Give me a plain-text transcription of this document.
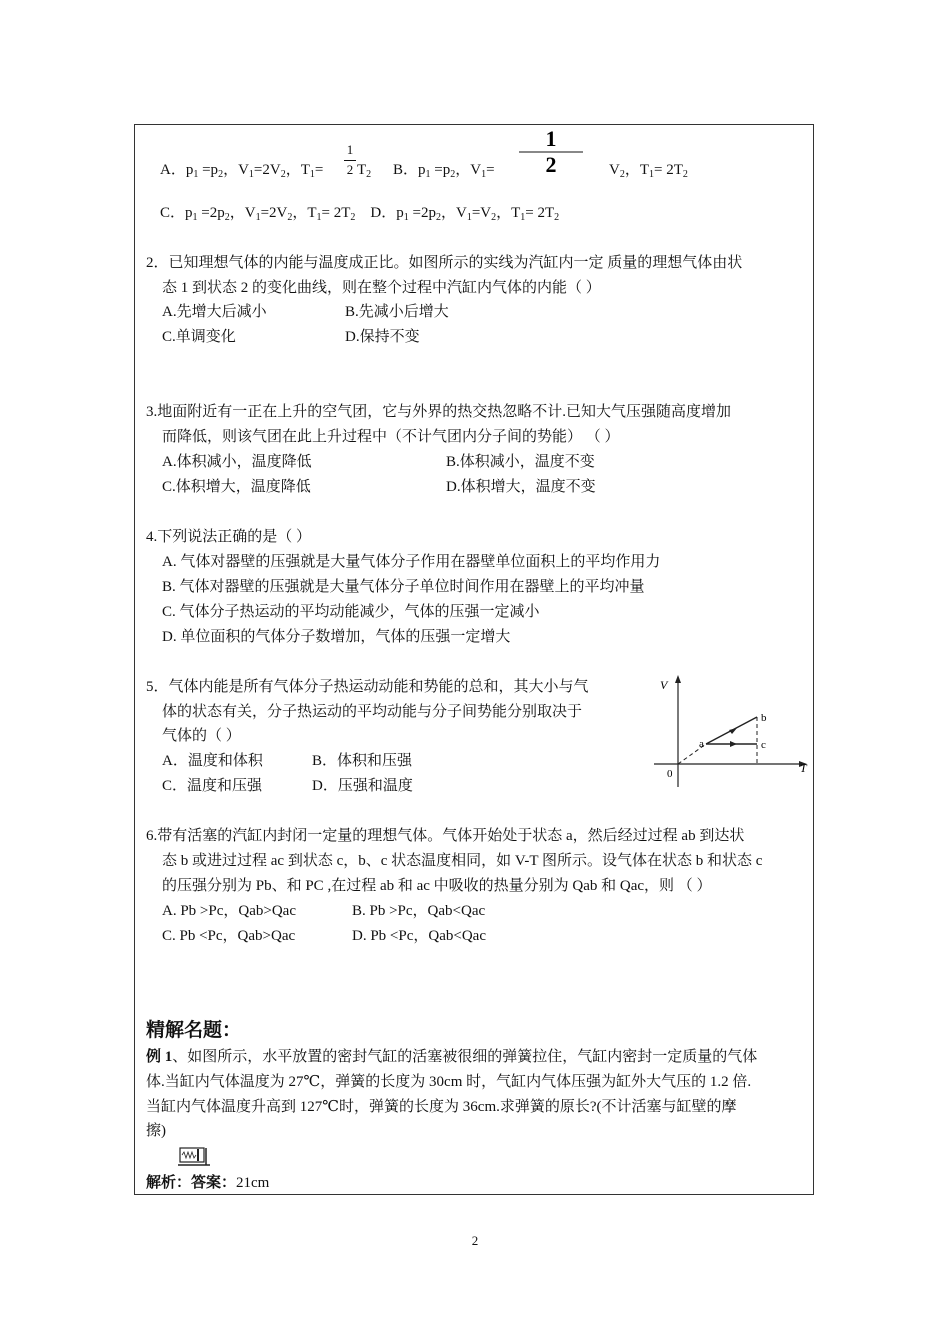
A．$p_1 =p_2$，$V_1=2V_2$，$T_1=$
1
2 $T_2$ B．$p_1 =p_2$，$V_1=$
1
2	$V_2$，$T_1= 2T_2$
C．$p_1 =2p_2$，$V_1=2V_2$，$T_1= 2T_2$ D．$p_1 =2p_2$，$V_1=V_2$，$T_1= 2T_2$
2．已知理想气体的内能与温度成正比。如图所示的实线为汽缸内一定 质量的理想气体由状
态 1 到状态 2 的变化曲线，则在整个过程中汽缸内气体的内能（ ）
A.先增大后减小	B.先减小后增大
C.单调变化	D.保持不变
3.地面附近有一正在上升的空气团，它与外界的热交热忽略不计.已知大气压强随高度增加
而降低，则该气团在此上升过程中（不计气团内分子间的势能） （ ）
A.体积减小，温度降低	B.体积减小，温度不变
C.体积增大，温度降低	D.体积增大，温度不变
4.下列说法正确的是（ ）
A. 气体对器壁的压强就是大量气体分子作用在器壁单位面积上的平均作用力
B. 气体对器壁的压强就是大量气体分子单位时间作用在器壁上的平均冲量
C. 气体分子热运动的平均动能减少，气体的压强一定减小
D. 单位面积的气体分子数增加，气体的压强一定增大
5．气体内能是所有气体分子热运动动能和势能的总和，其大小与气
体的状态有关，分子热运动的平均动能与分子间势能分别取决于
气体的（ ）
A．温度和体积	B．体积和压强
C．温度和压强	D．压强和温度
V
T
0
a
b
c
6.带有活塞的汽缸内封闭一定量的理想气体。气体开始处于状态 a，然后经过过程 ab 到达状
态 b 或进过过程 ac 到状态 c，b、c 状态温度相同，如 V-T 图所示。设气体在状态 b 和状态 c
的压强分别为 Pb、和 PC ,在过程 ab 和 ac 中吸收的热量分别为 Qab 和 Qac，则 （ ）
A. Pb >Pc，Qab>Qac	B. Pb >Pc，Qab<Qac
C. Pb <Pc，Qab>Qac	D. Pb <Pc，Qab<Qac
精解名题：
例 1、如图所示，水平放置的密封气缸的活塞被很细的弹簧拉住，气缸内密封一定质量的气体
体.当缸内气体温度为 27℃，弹簧的长度为 30cm 时，气缸内气体压强为缸外大气压的 1.2 倍.
当缸内气体温度升高到 127℃时，弹簧的长度为 36cm.求弹簧的原长?(不计活塞与缸壁的摩
擦)
解析：答案：21cm
2
